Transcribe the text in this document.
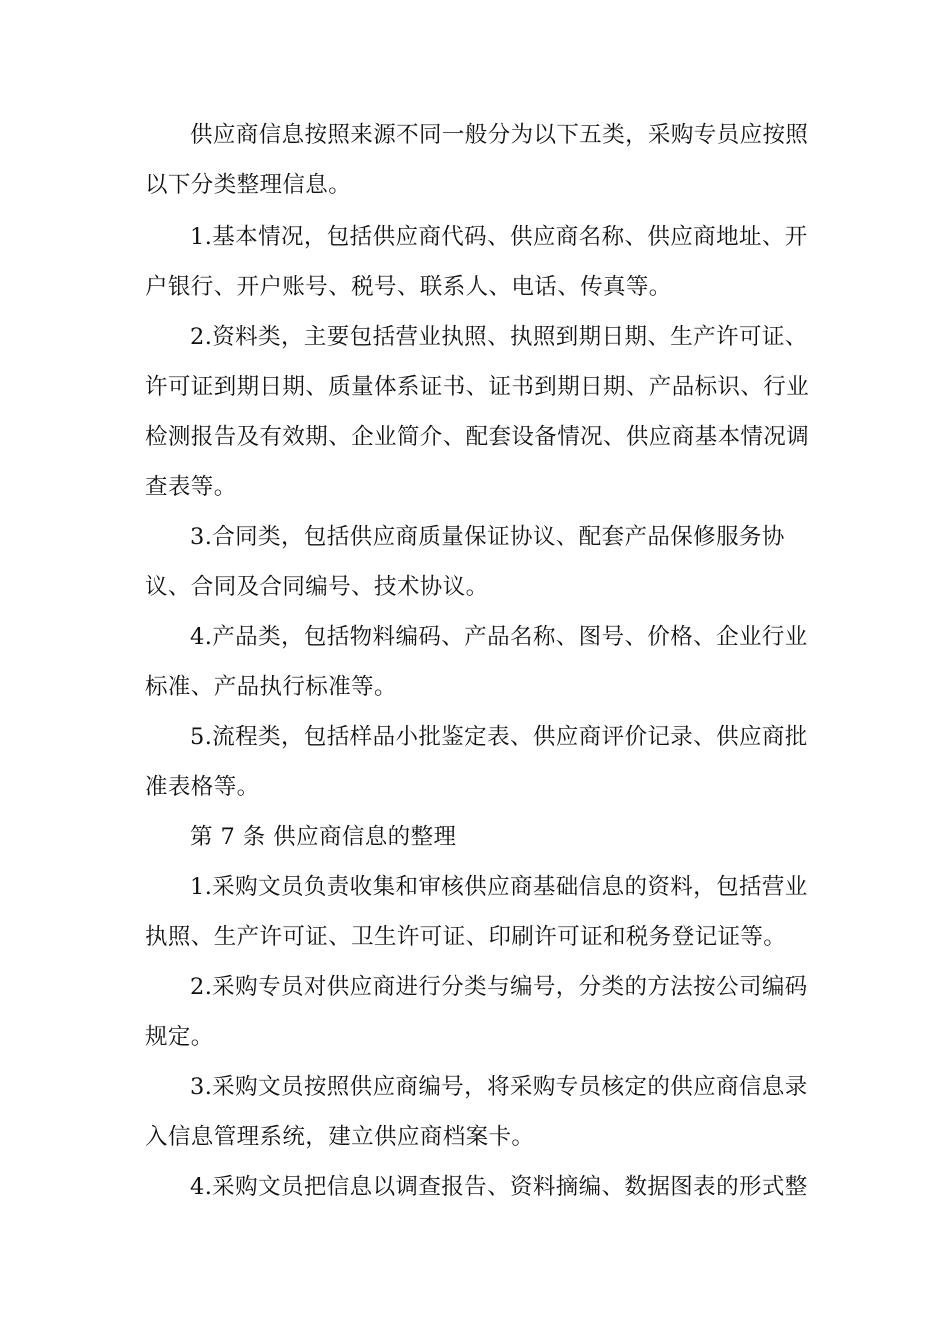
供应商信息按照来源不同一般分为以下五类，采购专员应按照
以下分类整理信息。
1.基本情况，包括供应商代码、供应商名称、供应商地址、开
户银行、开户账号、税号、联系人、电话、传真等。
2.资料类，主要包括营业执照、执照到期日期、生产许可证、
许可证到期日期、质量体系证书、证书到期日期、产品标识、行业
检测报告及有效期、企业简介、配套设备情况、供应商基本情况调
查表等。
3.合同类，包括供应商质量保证协议、配套产品保修服务协
议、合同及合同编号、技术协议。
4.产品类，包括物料编码、产品名称、图号、价格、企业行业
标准、产品执行标准等。
5.流程类，包括样品小批鉴定表、供应商评价记录、供应商批
准表格等。
第 7 条 供应商信息的整理
1.采购文员负责收集和审核供应商基础信息的资料，包括营业
执照、生产许可证、卫生许可证、印刷许可证和税务登记证等。
2.采购专员对供应商进行分类与编号，分类的方法按公司编码
规定。
3.采购文员按照供应商编号，将采购专员核定的供应商信息录
入信息管理系统，建立供应商档案卡。
4.采购文员把信息以调查报告、资料摘编、数据图表的形式整
